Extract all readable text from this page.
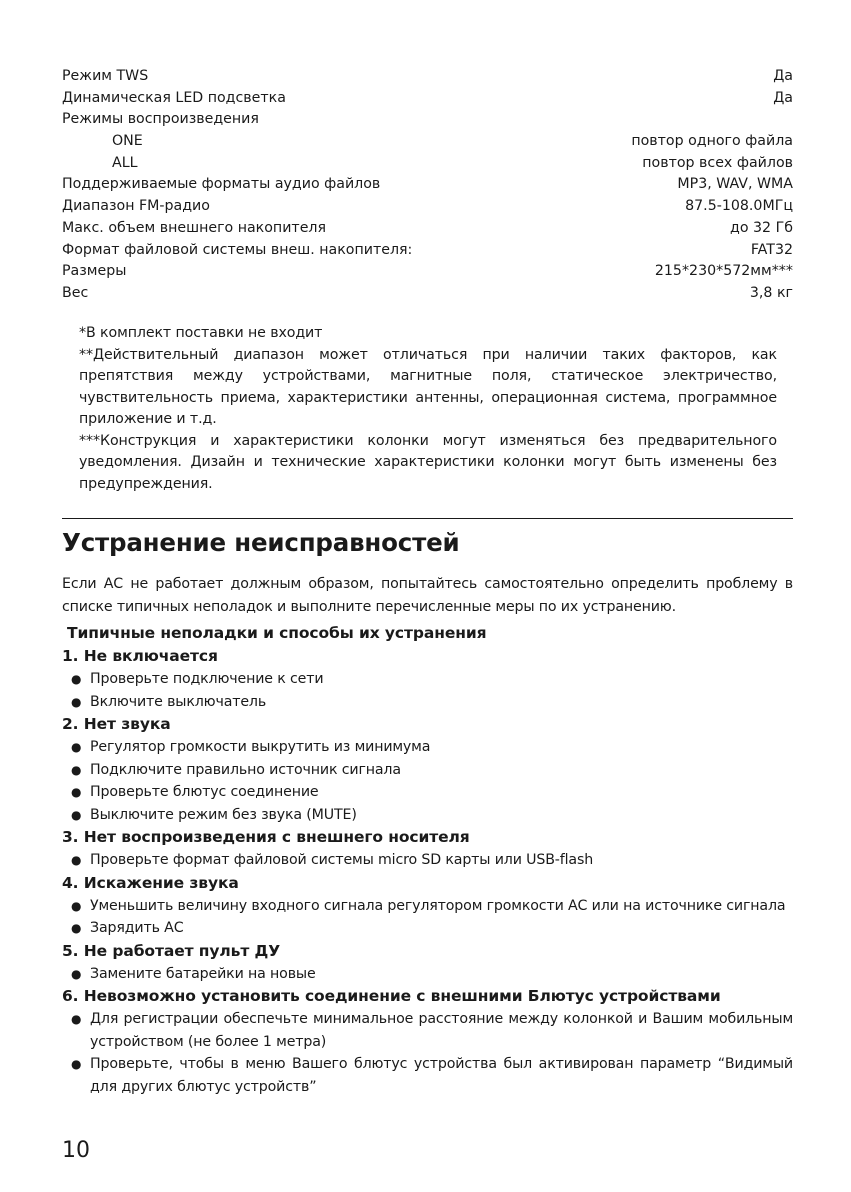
Режим TWS	Да
Динамическая LED подсветка	Да
Режимы воспроизведения
ONE	повтор одного файла
ALL	повтор всех файлов
Поддерживаемые форматы аудио файлов	MP3, WAV, WMA
Диапазон FM-радио	87.5-108.0МГц
Макс. объем внешнего накопителя	до 32 Гб
Формат файловой системы внеш. накопителя:	FAT32
Размеры	215*230*572мм***
Вес	3,8 кг

*В комплект поставки не входит

**Действительный диапазон может отличаться при наличии таких факторов, как препятствия между устройствами, магнитные поля, статическое электричество, чувствительность приема, характеристики антенны, операционная система, программное приложение и т.д.

***Конструкция и характеристики колонки могут изменяться без предварительного уведомления. Дизайн и технические характеристики колонки могут быть изменены без предупреждения.

Устранение неисправностей

Если АС не работает должным образом, попытайтесь самостоятельно определить проблему в списке типичных неполадок и выполните перечисленные меры по их устранению.

Типичные неполадки и способы их устранения
1. Не включается
● Проверьте подключение к сети
● Включите выключатель
2. Нет звука
● Регулятор громкости выкрутить из минимума
● Подключите правильно источник сигнала
● Проверьте блютус соединение
● Выключите режим без звука (MUTE)
3. Нет воспроизведения с внешнего носителя
● Проверьте формат файловой системы micro SD карты или USB-flash
4. Искажение звука
● Уменьшить величину входного сигнала регулятором громкости АС или на источнике сигнала
● Зарядить АС
5. Не работает пульт ДУ
● Замените батарейки на новые
6. Невозможно установить соединение с внешними Блютус устройствами
● Для регистрации обеспечьте минимальное расстояние между колонкой и Вашим мобильным устройством (не более 1 метра)
● Проверьте, чтобы в меню Вашего блютус устройства был активирован параметр “Видимый для других блютус устройств”
10
